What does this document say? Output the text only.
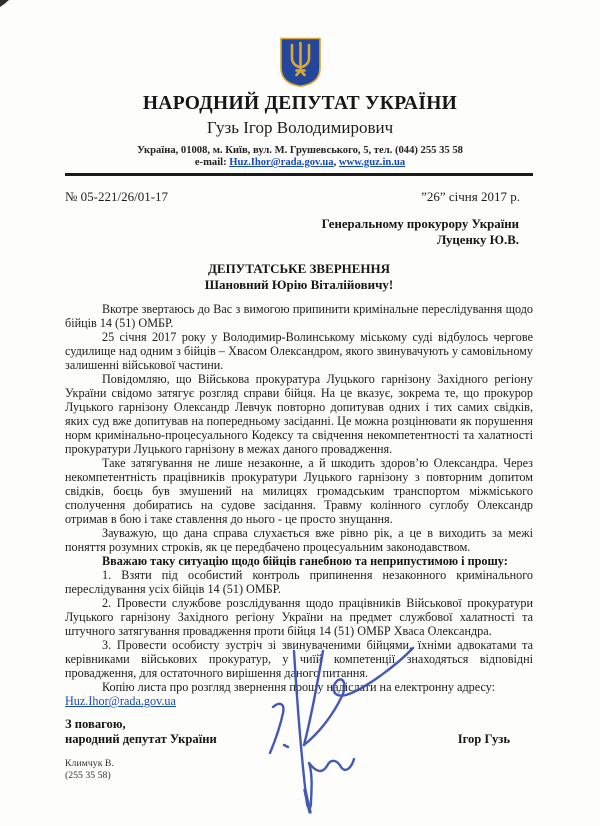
НАРОДНИЙ ДЕПУТАТ УКРАЇНИ
Гузь Ігор Володимирович
Україна, 01008, м. Київ, вул. М. Грушевського, 5, тел. (044) 255 35 58
e-mail: Huz.Ihor@rada.gov.ua, www.guz.in.ua
№ 05-221/26/01-17	”26” січня 2017 р.
Генеральному прокурору України
Луценку Ю.В.
ДЕПУТАТСЬКЕ ЗВЕРНЕННЯ
Шановний Юрію Віталійовичу!

Вкотре звертаюсь до Вас з вимогою припинити кримінальне переслідування щодо бійців 14 (51) ОМБР.

25 січня 2017 року у Володимир-Волинському міському суді відбулось чергове судилище над одним з бійців – Хвасом Олександром, якого звинувачують у самовільному залишенні військової частини.

Повідомляю, що Військова прокуратура Луцького гарнізону Західного регіону України свідомо затягує розгляд справи бійця. На це вказує, зокрема те, що прокурор Луцького гарнізону Олександр Левчук повторно допитував одних і тих самих свідків, яких суд вже допитував на попередньому засіданні. Це можна розцінювати як порушення норм кримінально-процесуального Кодексу та свідчення некомпетентності та халатності прокуратури Луцького гарнізону в межах даного провадження.

Таке затягування не лише незаконне, а й шкодить здоров’ю Олександра. Через некомпетентність працівників прокуратури Луцького гарнізону з повторним допитом свідків, боєць був змушений на милицях громадським транспортом міжміського сполучення добиратись на судове засідання. Травму колінного суглобу Олександр отримав в бою і таке ставлення до нього - це просто знущання.

Зауважую, що дана справа слухається вже рівно рік, а це в виходить за межі поняття розумних строків, як це передбачено процесуальним законодавством.

Вважаю таку ситуацію щодо бійців ганебною та неприпустимою і прошу:

1. Взяти під особистий контроль припинення незаконного кримінального переслідування усіх бійців 14 (51) ОМБР.

2. Провести службове розслідування щодо працівників Військової прокуратури Луцького гарнізону Західного регіону України на предмет службової халатності та штучного затягування провадження проти бійця 14 (51) ОМБР Хваса Олександра.

3. Провести особисту зустріч зі звинуваченими бійцями, їхніми адвокатами та керівниками військових прокуратур, у чиїй компетенції знаходяться відповідні провадження, для остаточного вирішення даного питання.

Копію листа про розгляд звернення прошу надіслати на електронну адресу:

Huz.Ihor@rada.gov.ua
З повагою,
народний депутат України	Ігор Гузь
Климчук В.
(255 35 58)
